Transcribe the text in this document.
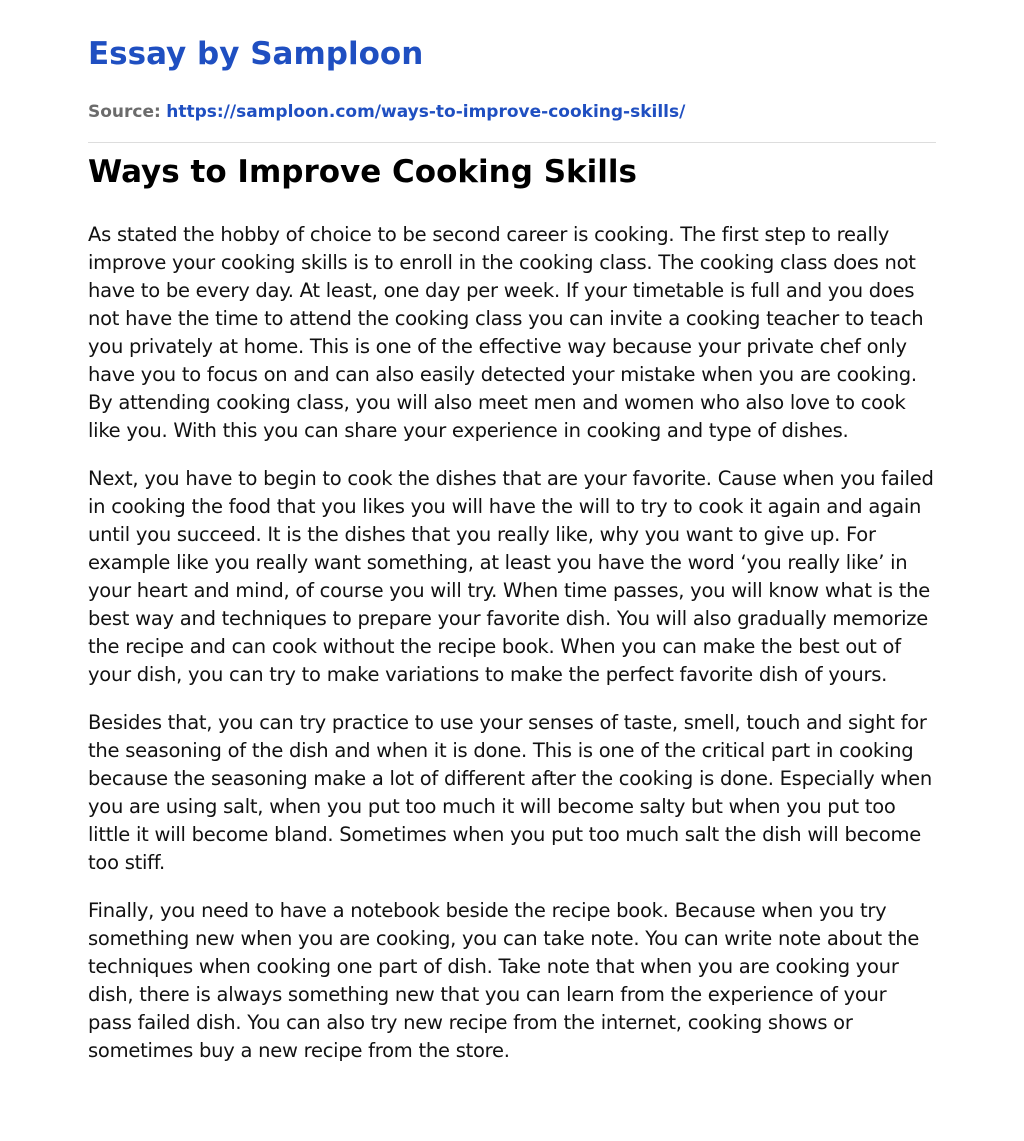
Essay by Samploon
Source: https://samploon.com/ways-to-improve-cooking-skills/
Ways to Improve Cooking Skills

As stated the hobby of choice to be second career is cooking. The first step to really improve your cooking skills is to enroll in the cooking class. The cooking class does not have to be every day. At least, one day per week. If your timetable is full and you does not have the time to attend the cooking class you can invite a cooking teacher to teach you privately at home. This is one of the effective way because your private chef only have you to focus on and can also easily detected your mistake when you are cooking. By attending cooking class, you will also meet men and women who also love to cook like you. With this you can share your experience in cooking and type of dishes.

Next, you have to begin to cook the dishes that are your favorite. Cause when you failed in cooking the food that you likes you will have the will to try to cook it again and again until you succeed. It is the dishes that you really like, why you want to give up. For example like you really want something, at least you have the word ‘you really like’ in your heart and mind, of course you will try. When time passes, you will know what is the best way and techniques to prepare your favorite dish. You will also gradually memorize the recipe and can cook without the recipe book. When you can make the best out of your dish, you can try to make variations to make the perfect favorite dish of yours.

Besides that, you can try practice to use your senses of taste, smell, touch and sight for the seasoning of the dish and when it is done. This is one of the critical part in cooking because the seasoning make a lot of different after the cooking is done. Especially when you are using salt, when you put too much it will become salty but when you put too little it will become bland. Sometimes when you put too much salt the dish will become too stiff.

Finally, you need to have a notebook beside the recipe book. Because when you try something new when you are cooking, you can take note. You can write note about the techniques when cooking one part of dish. Take note that when you are cooking your dish, there is always something new that you can learn from the experience of your pass failed dish. You can also try new recipe from the internet, cooking shows or sometimes buy a new recipe from the store.
